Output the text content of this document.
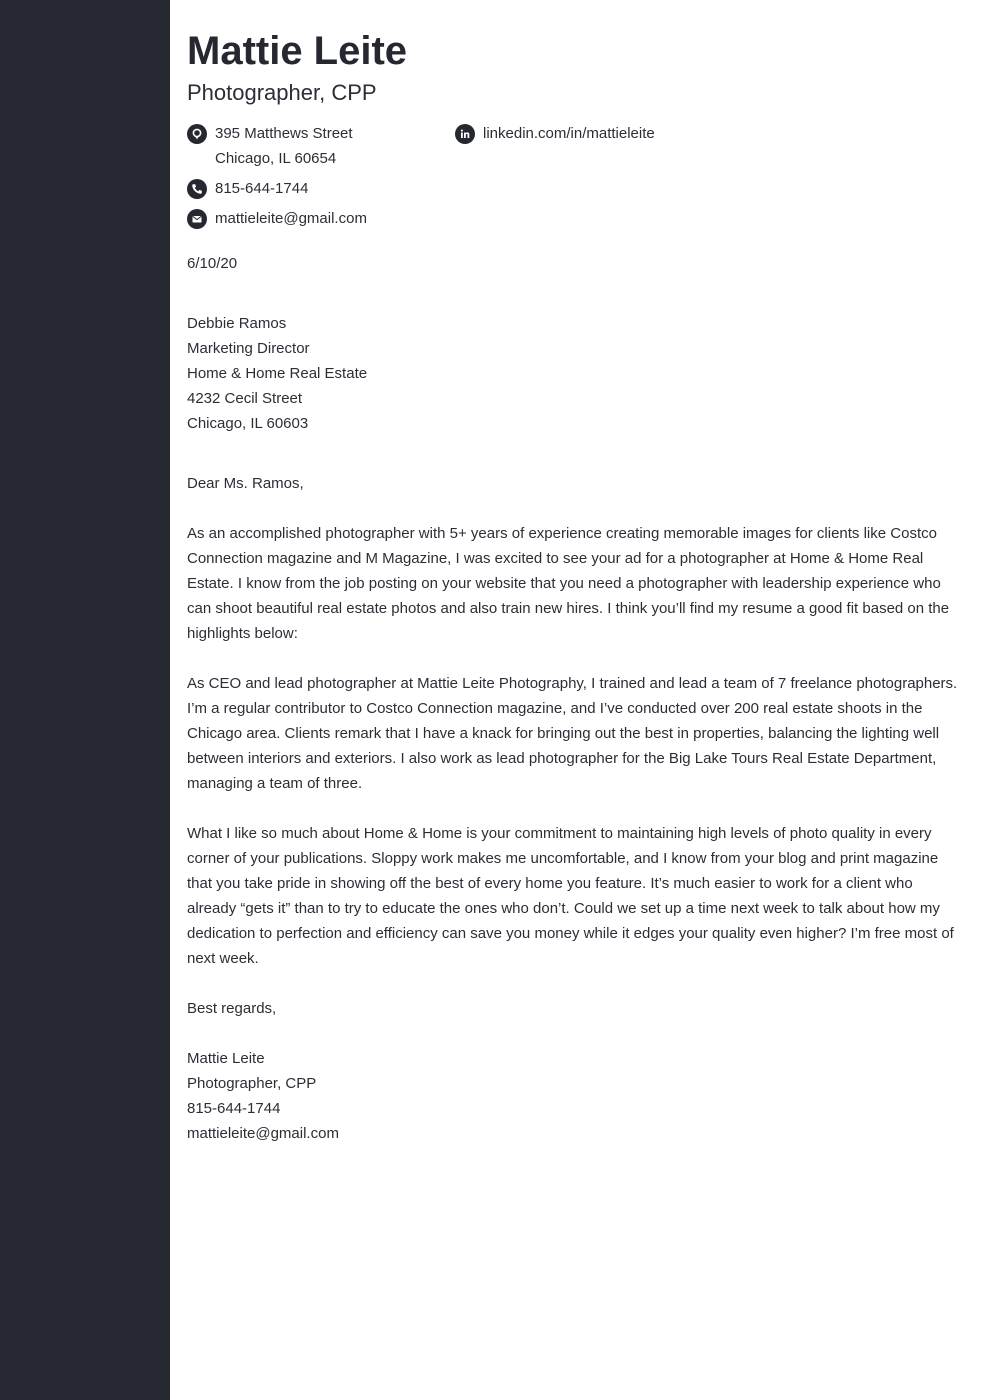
Mattie Leite
Photographer, CPP
395 Matthews Street
Chicago, IL 60654
815-644-1744
mattieleite@gmail.com
linkedin.com/in/mattieleite
6/10/20
Debbie Ramos
Marketing Director
Home & Home Real Estate
4232 Cecil Street
Chicago, IL 60603
Dear Ms. Ramos,

As an accomplished photographer with 5+ years of experience creating memorable images for clients like Costco Connection magazine and M Magazine, I was excited to see your ad for a photographer at Home & Home Real Estate. I know from the job posting on your website that you need a photographer with leadership experience who can shoot beautiful real estate photos and also train new hires. I think you’ll find my resume a good fit based on the highlights below:

As CEO and lead photographer at Mattie Leite Photography, I trained and lead a team of 7 freelance photographers. I’m a regular contributor to Costco Connection magazine, and I’ve conducted over 200 real estate shoots in the Chicago area. Clients remark that I have a knack for bringing out the best in properties, balancing the lighting well between interiors and exteriors. I also work as lead photographer for the Big Lake Tours Real Estate Department, managing a team of three.

What I like so much about Home & Home is your commitment to maintaining high levels of photo quality in every corner of your publications. Sloppy work makes me uncomfortable, and I know from your blog and print magazine that you take pride in showing off the best of every home you feature. It’s much easier to work for a client who already “gets it” than to try to educate the ones who don’t. Could we set up a time next week to talk about how my dedication to perfection and efficiency can save you money while it edges your quality even higher? I’m free most of next week.

Best regards,
Mattie Leite
Photographer, CPP
815-644-1744
mattieleite@gmail.com
